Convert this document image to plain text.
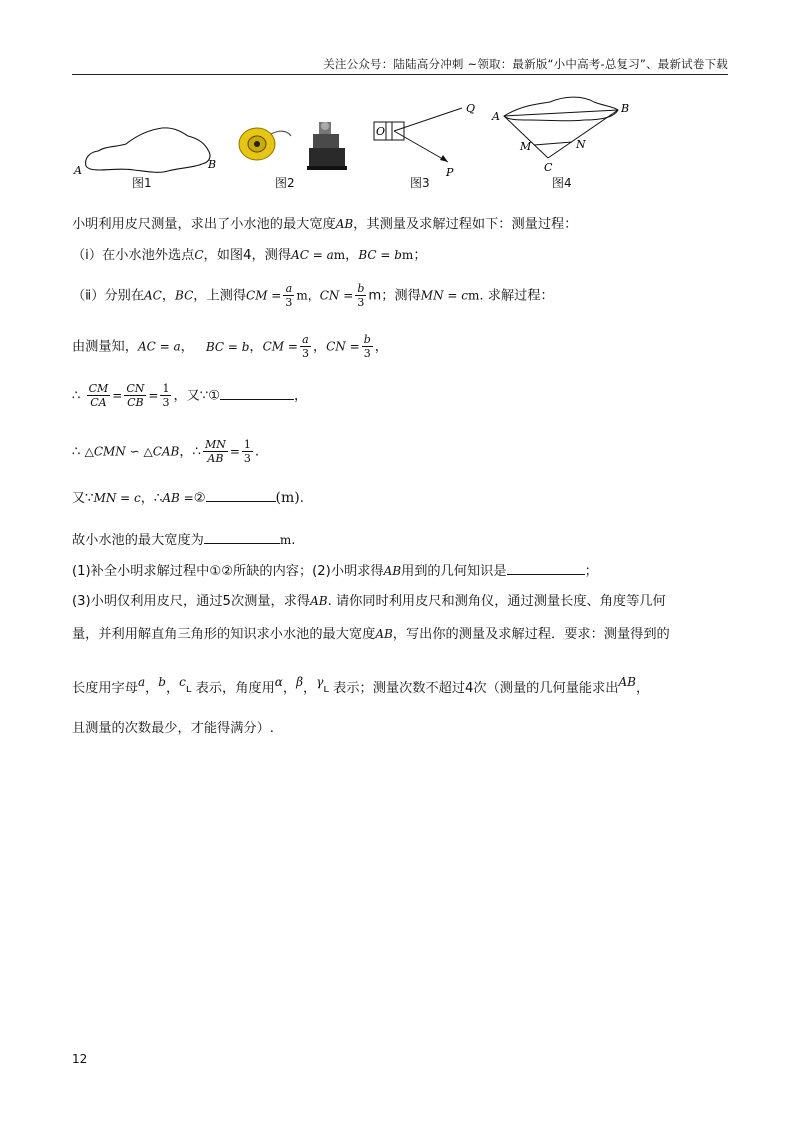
关注公众号：陆陆高分冲刺 ~领取：最新版“小中高考-总复习”、最新试卷下载
A	B
图1	图2
O
Q
P
图3
A
B
M	N
C
图4
小明利用皮尺测量，求出了小水池的最大宽度AB，其测量及求解过程如下：测量过程：
（ⅰ）在小水池外选点C，如图4，测得AC = am，BC = bm；
（ⅱ）分别在AC，BC，上测得CM = $\frac{a}{3}$ m，CN = $\frac{b}{3}$ m；测得MN = cm. 求解过程：
由测量知，AC = a， BC = b，CM = $\frac{a}{3}$ ，CN = $\frac{b}{3}$ ，
∴ $\frac{CM}{CA} = \frac{CN}{CB} = \frac{1}{3}$ ，又∵①	，
∴ △CMN ∽ △CAB，∴ $\frac{MN}{AB} = \frac{1}{3}$ .
又∵MN = c，∴AB =②	(m).
故小水池的最大宽度为	m.
(1)补全小明求解过程中①②所缺的内容；(2)小明求得AB用到的几何知识是	；
(3)小明仅利用皮尺，通过5次测量，求得AB. 请你同时利用皮尺和测角仪，通过测量长度、角度等几何
量，并利用解直角三角形的知识求小水池的最大宽度AB，写出你的测量及求解过程．要求：测量得到的
长度用字母a，b，cʟ 表示，角度用α，β，γʟ 表示；测量次数不超过4次（测量的几何量能求出AB，
且测量的次数最少，才能得满分）.
12
